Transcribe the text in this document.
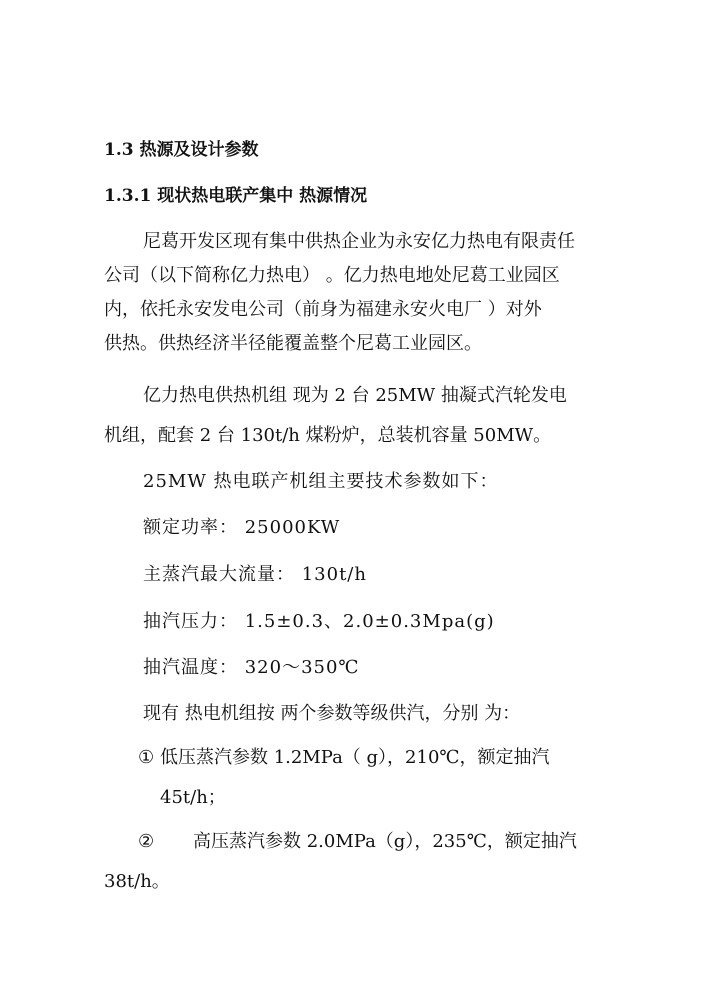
1.3 热源及设计参数
1.3.1 现状热电联产集中 热源情况
尼葛开发区现有集中供热企业为永安亿力热电有限责任
公司（以下简称亿力热电） 。亿力热电地处尼葛工业园区
内，依托永安发电公司（前身为福建永安火电厂 ）对外
供热。供热经济半径能覆盖整个尼葛工业园区。
亿力热电供热机组 现为 2 台 25MW 抽凝式汽轮发电
机组，配套 2 台 130t/h 煤粉炉，总装机容量 50MW。
25MW 热电联产机组主要技术参数如下：
额定功率： 25000KW
主蒸汽最大流量： 130t/h
抽汽压力： 1.5±0.3、2.0±0.3Mpa(g)
抽汽温度： 320～350℃
现有 热电机组按 两个参数等级供汽，分别 为：
① 低压蒸汽参数 1.2MPa（ g），210℃，额定抽汽
45t/h；
② 高压蒸汽参数 2.0MPa（g），235℃，额定抽汽
38t/h。
